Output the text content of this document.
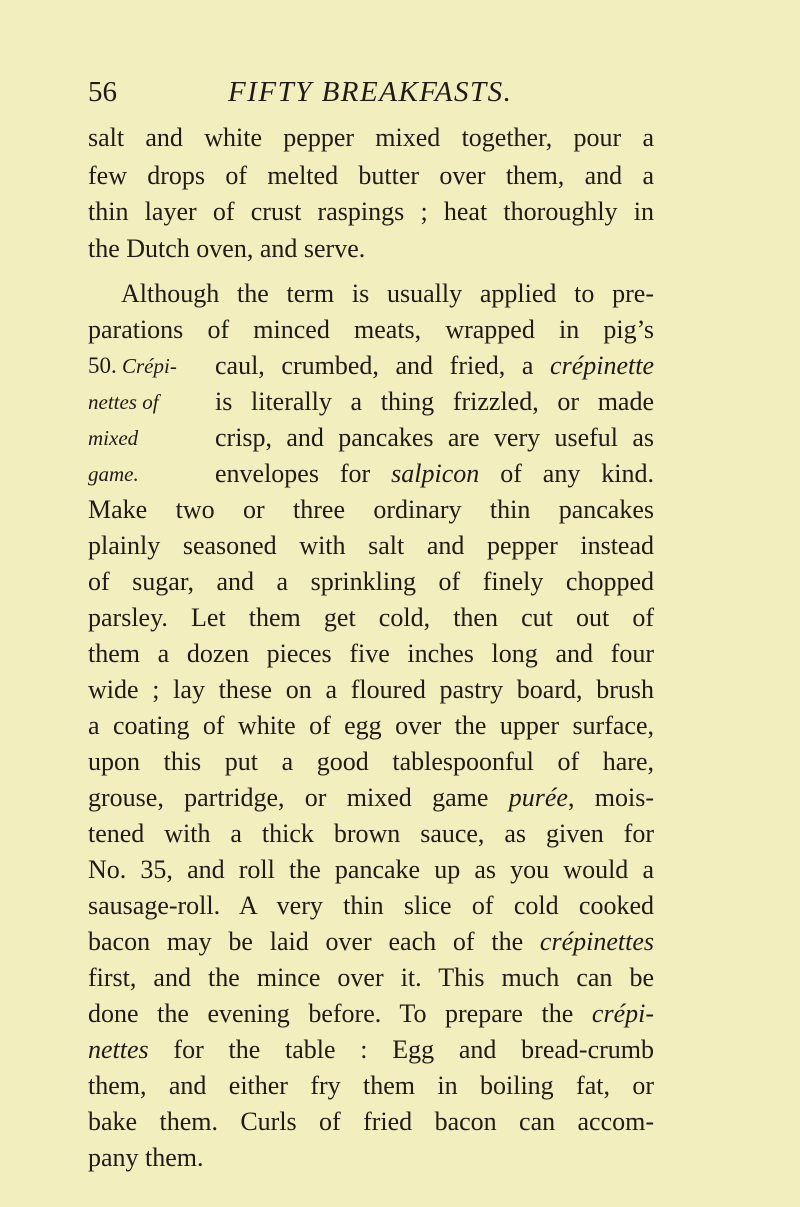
56	FIFTY BREAKFASTS.
salt and white pepper mixed together, pour a
few drops of melted butter over them, and a
thin layer of crust raspings ; heat thoroughly in
the Dutch oven, and serve.
50. Crépi-
nettes of
mixed
game.
Although the term is usually applied to pre-
parations of minced meats, wrapped in pig’s
caul, crumbed, and fried, a crépinette
is literally a thing frizzled, or made
crisp, and pancakes are very useful as
envelopes for salpicon of any kind.
Make two or three ordinary thin pancakes
plainly seasoned with salt and pepper instead
of sugar, and a sprinkling of finely chopped
parsley. Let them get cold, then cut out of
them a dozen pieces five inches long and four
wide ; lay these on a floured pastry board, brush
a coating of white of egg over the upper surface,
upon this put a good tablespoonful of hare,
grouse, partridge, or mixed game purée, mois-
tened with a thick brown sauce, as given for
No. 35, and roll the pancake up as you would a
sausage-roll. A very thin slice of cold cooked
bacon may be laid over each of the crépinettes
first, and the mince over it. This much can be
done the evening before. To prepare the crépi-
nettes for the table : Egg and bread-crumb
them, and either fry them in boiling fat, or
bake them. Curls of fried bacon can accom-
pany them.
